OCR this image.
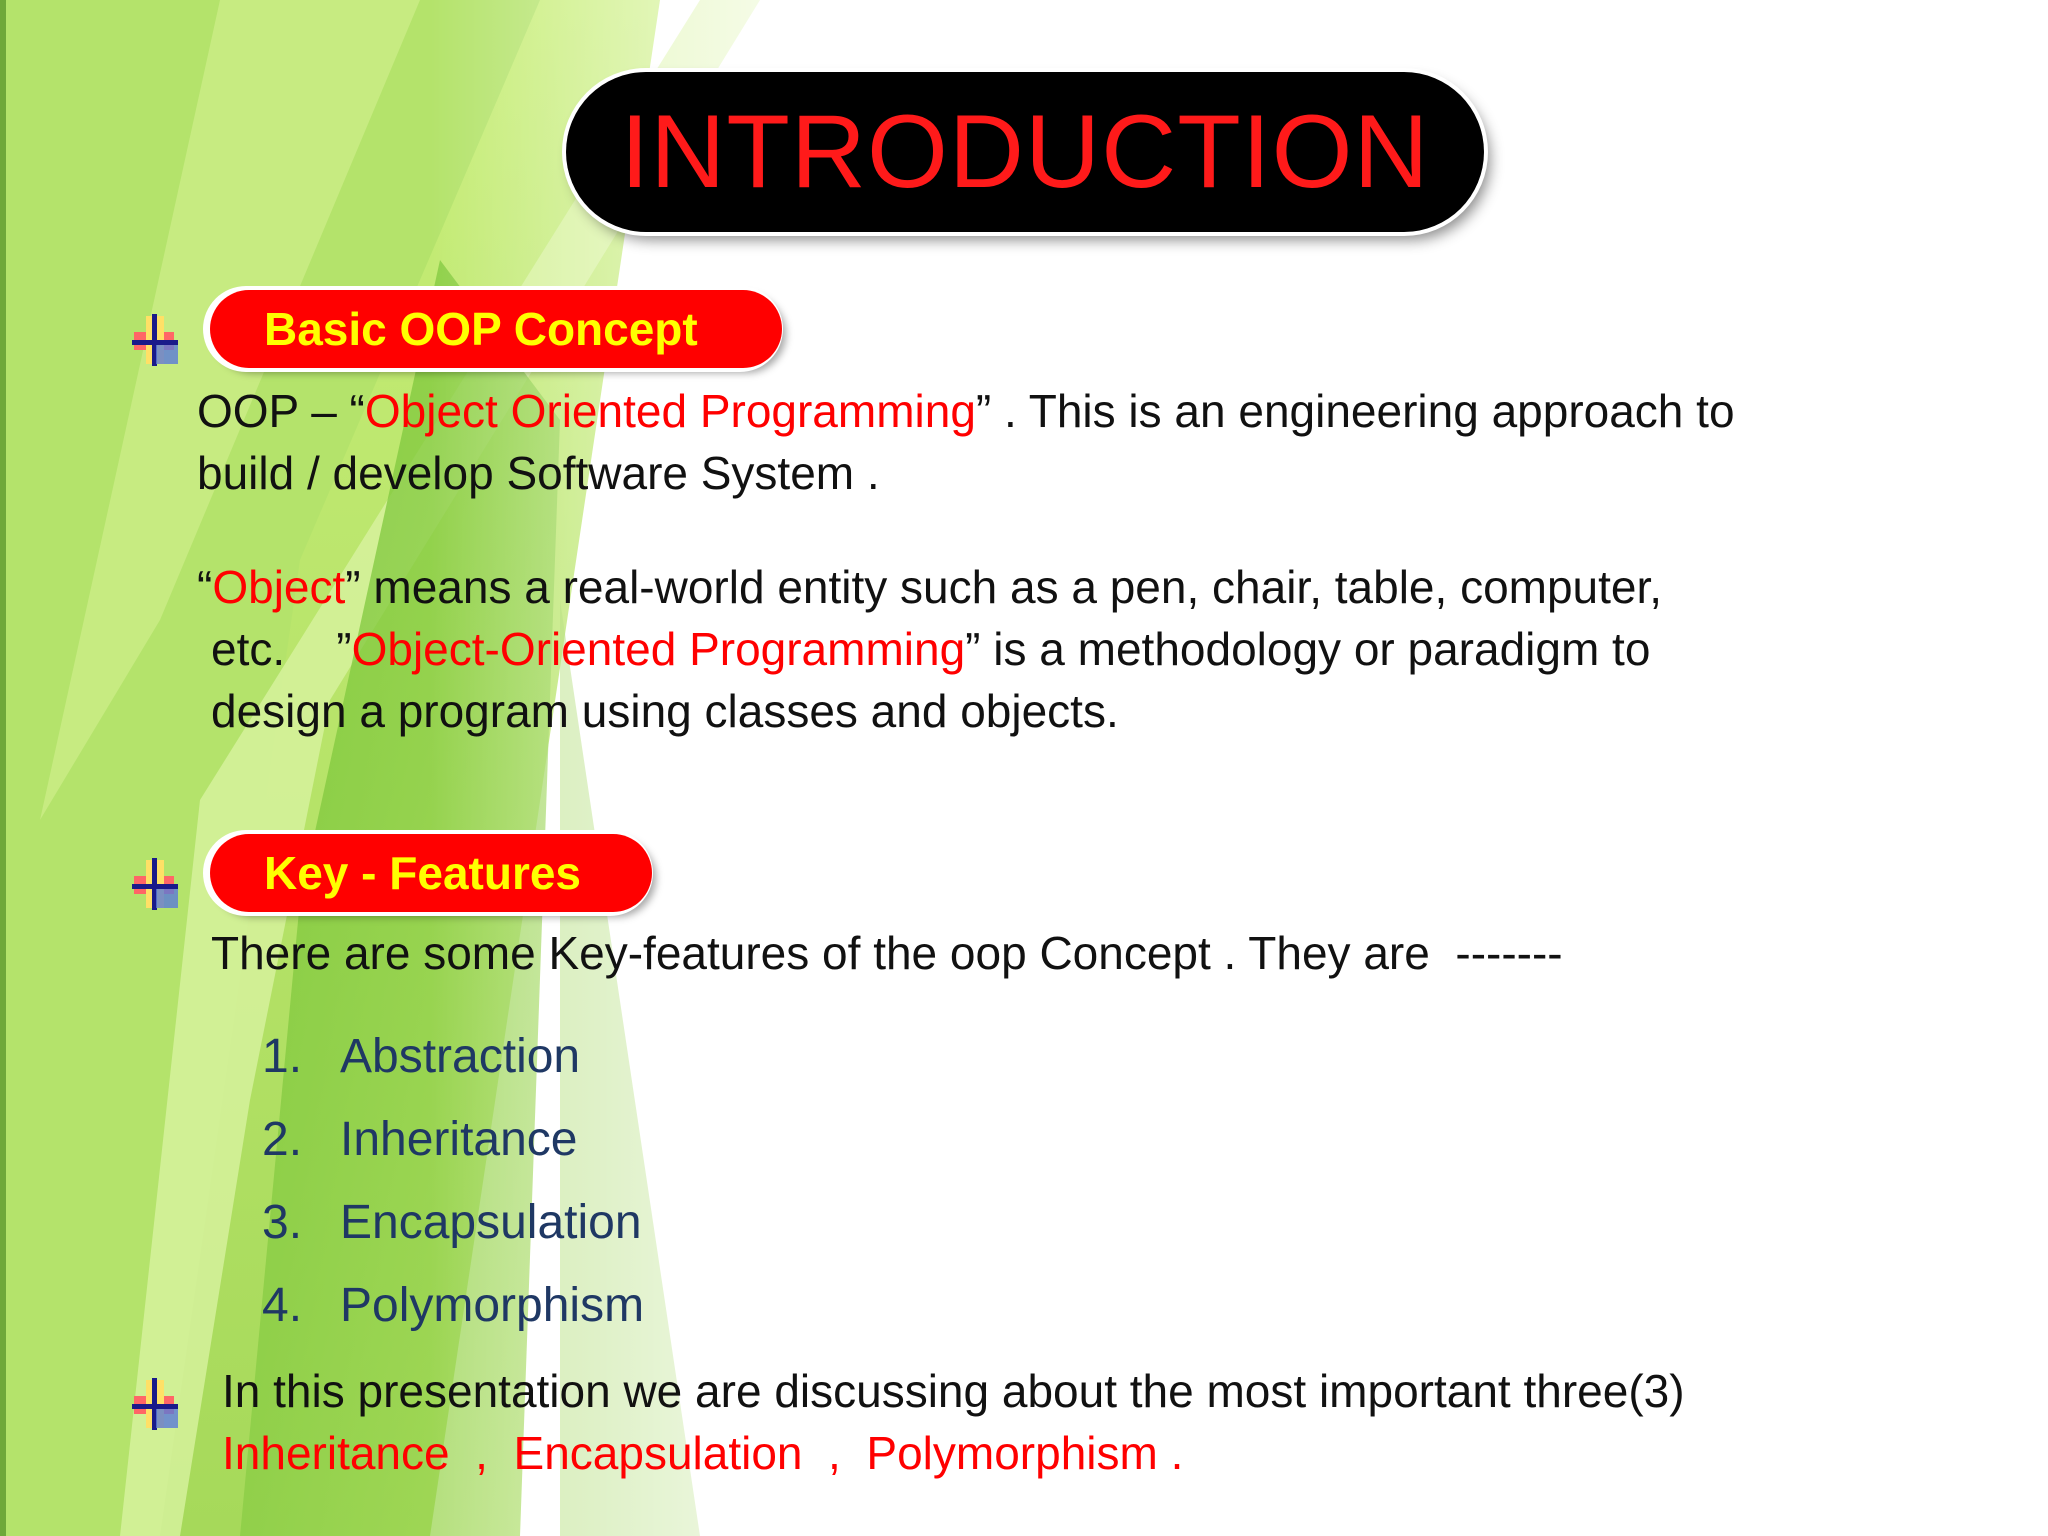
INTRODUCTION
Basic OOP Concept

OOP – “Object Oriented Programming” . This is an engineering approach to
build / develop Software System .

“Object” means a real-world entity such as a pen, chair, table, computer,
etc.    ”Object-Oriented Programming” is a methodology or paradigm to
design a program using classes and objects.

Key - Features

There are some Key-features of the oop Concept . They are  -------

1. Abstraction
2. Inheritance
3. Encapsulation
4. Polymorphism

In this presentation we are discussing about the most important three(3)
Inheritance  ,  Encapsulation  ,  Polymorphism .
